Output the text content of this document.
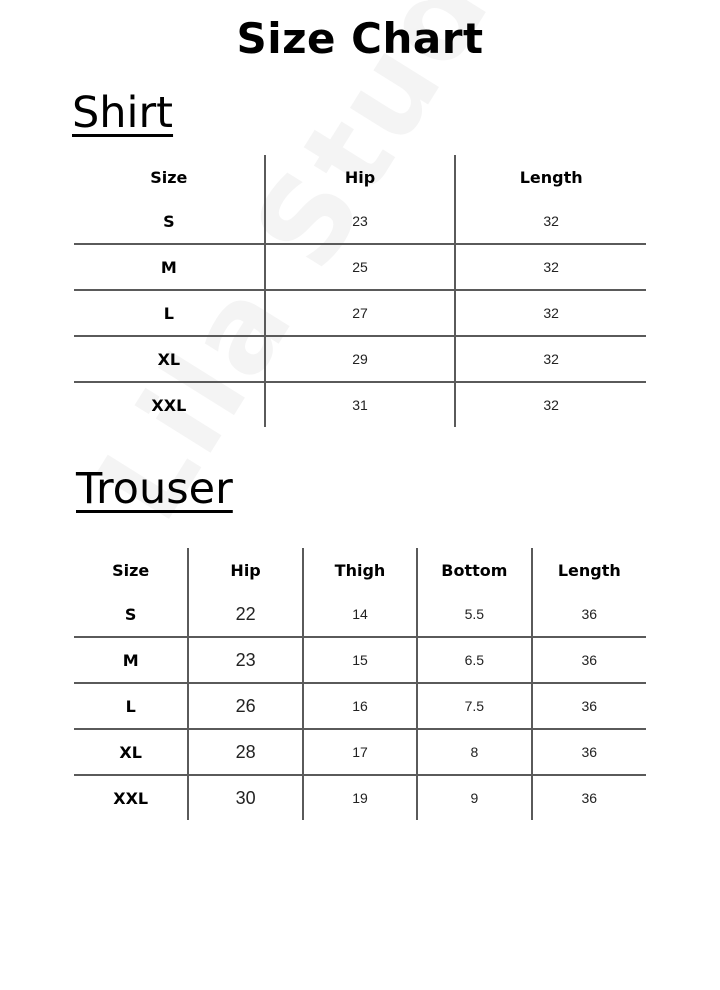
Size Chart
Shirt
Size	Hip	Length
S	23	32
M	25	32
L	27	32
XL	29	32
XXL	31	32
Trouser
Size	Hip	Thigh	Bottom	Length
S	22	14	5.5	36
M	23	15	6.5	36
L	26	16	7.5	36
XL	28	17	8	36
XXL	30	19	9	36
